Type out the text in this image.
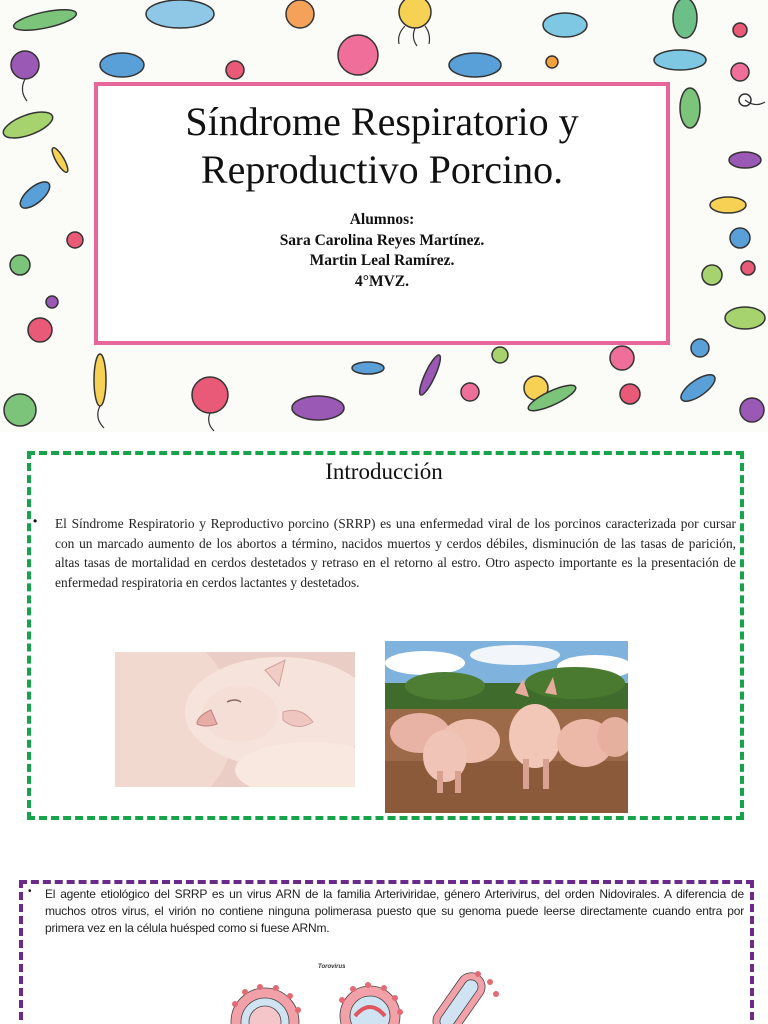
Síndrome Respiratorio y
Reproductivo Porcino.
Alumnos:
Sara Carolina Reyes Martínez.
Martin Leal Ramírez.
4°MVZ.
Introducción
• El Síndrome Respiratorio y Reproductivo porcino (SRRP) es una enfermedad viral de los porcinos caracterizada por cursar con un marcado aumento de los abortos a término, nacidos muertos y cerdos débiles, disminución de las tasas de parición, altas tasas de mortalidad en cerdos destetados y retraso en el retorno al estro. Otro aspecto importante es la presentación de enfermedad respiratoria en cerdos lactantes y destetados.

• El agente etiológico del SRRP es un virus ARN de la familia Arteriviridae, género Arterivirus, del orden Nidovirales. A diferencia de muchos otros virus, el virión no contiene ninguna polimerasa puesto que su genoma puede leerse directamente cuando entra por primera vez en la célula huésped como si fuese ARNm.

Torovirus
